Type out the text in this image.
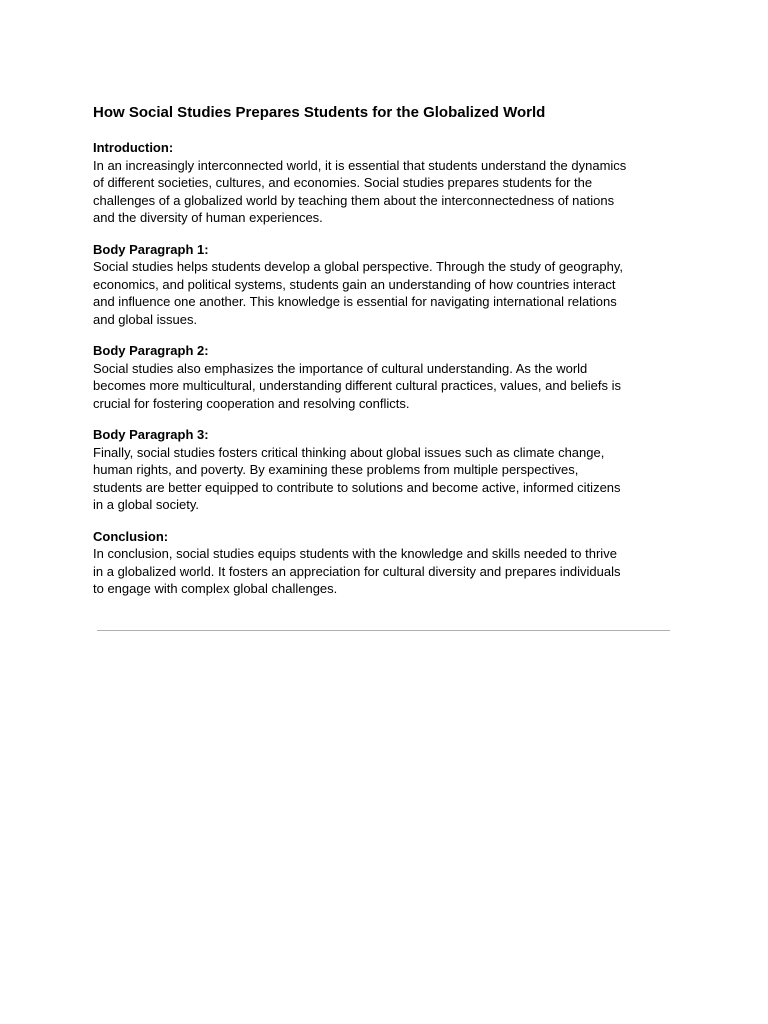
How Social Studies Prepares Students for the Globalized World
Introduction:
In an increasingly interconnected world, it is essential that students understand the dynamics
of different societies, cultures, and economies. Social studies prepares students for the
challenges of a globalized world by teaching them about the interconnectedness of nations
and the diversity of human experiences.
Body Paragraph 1:
Social studies helps students develop a global perspective. Through the study of geography,
economics, and political systems, students gain an understanding of how countries interact
and influence one another. This knowledge is essential for navigating international relations
and global issues.
Body Paragraph 2:
Social studies also emphasizes the importance of cultural understanding. As the world
becomes more multicultural, understanding different cultural practices, values, and beliefs is
crucial for fostering cooperation and resolving conflicts.
Body Paragraph 3:
Finally, social studies fosters critical thinking about global issues such as climate change,
human rights, and poverty. By examining these problems from multiple perspectives,
students are better equipped to contribute to solutions and become active, informed citizens
in a global society.
Conclusion:
In conclusion, social studies equips students with the knowledge and skills needed to thrive
in a globalized world. It fosters an appreciation for cultural diversity and prepares individuals
to engage with complex global challenges.
